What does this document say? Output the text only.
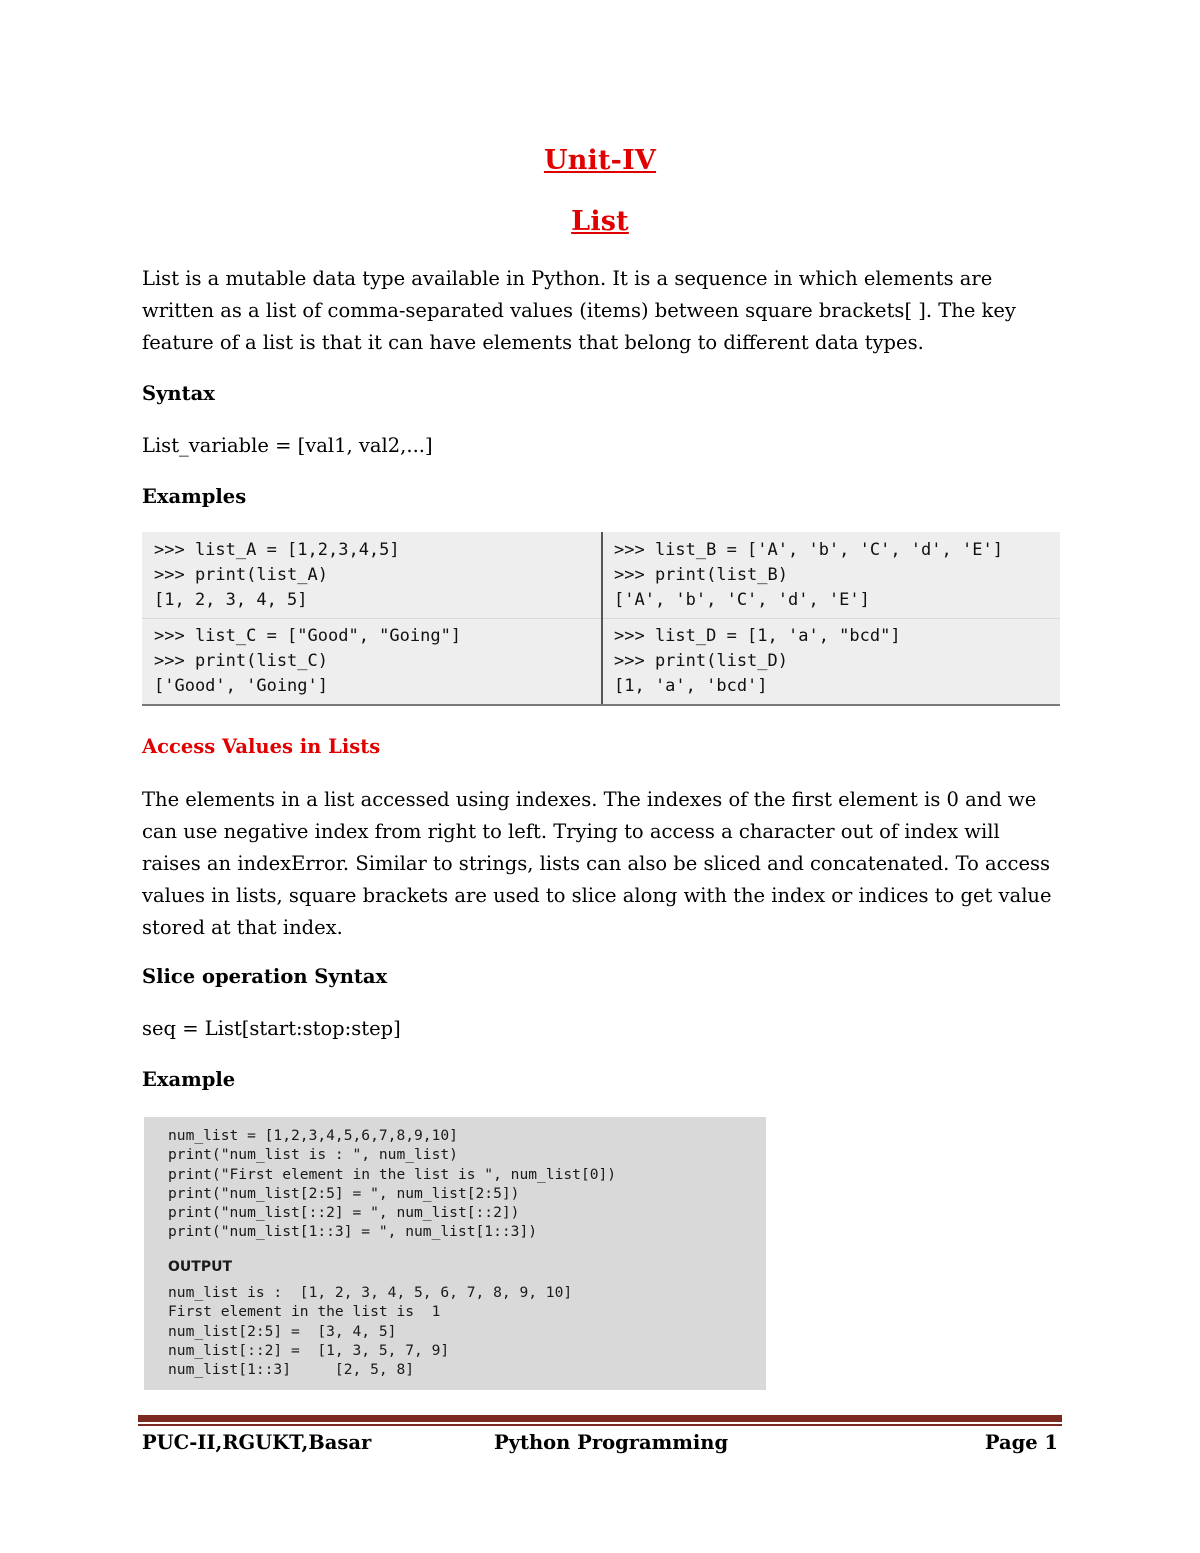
Unit-IV
List
List is a mutable data type available in Python. It is a sequence in which elements are
written as a list of comma-separated values (items) between square brackets[ ]. The key
feature of a list is that it can have elements that belong to different data types.
Syntax
List_variable = [val1, val2,...]
Examples
>>> list_A = [1,2,3,4,5]
>>> print(list_A)
[1, 2, 3, 4, 5]
>>> list_B = ['A', 'b', 'C', 'd', 'E']
>>> print(list_B)
['A', 'b', 'C', 'd', 'E']
>>> list_C = ["Good", "Going"]
>>> print(list_C)
['Good', 'Going']
>>> list_D = [1, 'a', "bcd"]
>>> print(list_D)
[1, 'a', 'bcd']
Access Values in Lists
The elements in a list accessed using indexes. The indexes of the first element is 0 and we
can use negative index from right to left. Trying to access a character out of index will
raises an indexError. Similar to strings, lists can also be sliced and concatenated. To access
values in lists, square brackets are used to slice along with the index or indices to get value
stored at that index.
Slice operation Syntax
seq = List[start:stop:step]
Example
num_list = [1,2,3,4,5,6,7,8,9,10]
print("num_list is : ", num_list)
print("First element in the list is ", num_list[0])
print("num_list[2:5] = ", num_list[2:5])
print("num_list[::2] = ", num_list[::2])
print("num_list[1::3] = ", num_list[1::3])
OUTPUT
num_list is :  [1, 2, 3, 4, 5, 6, 7, 8, 9, 10]
First element in the list is  1
num_list[2:5] =  [3, 4, 5]
num_list[::2] =  [1, 3, 5, 7, 9]
num_list[1::3]     [2, 5, 8]
PUC-II,RGUKT,Basar	Python Programming	Page 1
